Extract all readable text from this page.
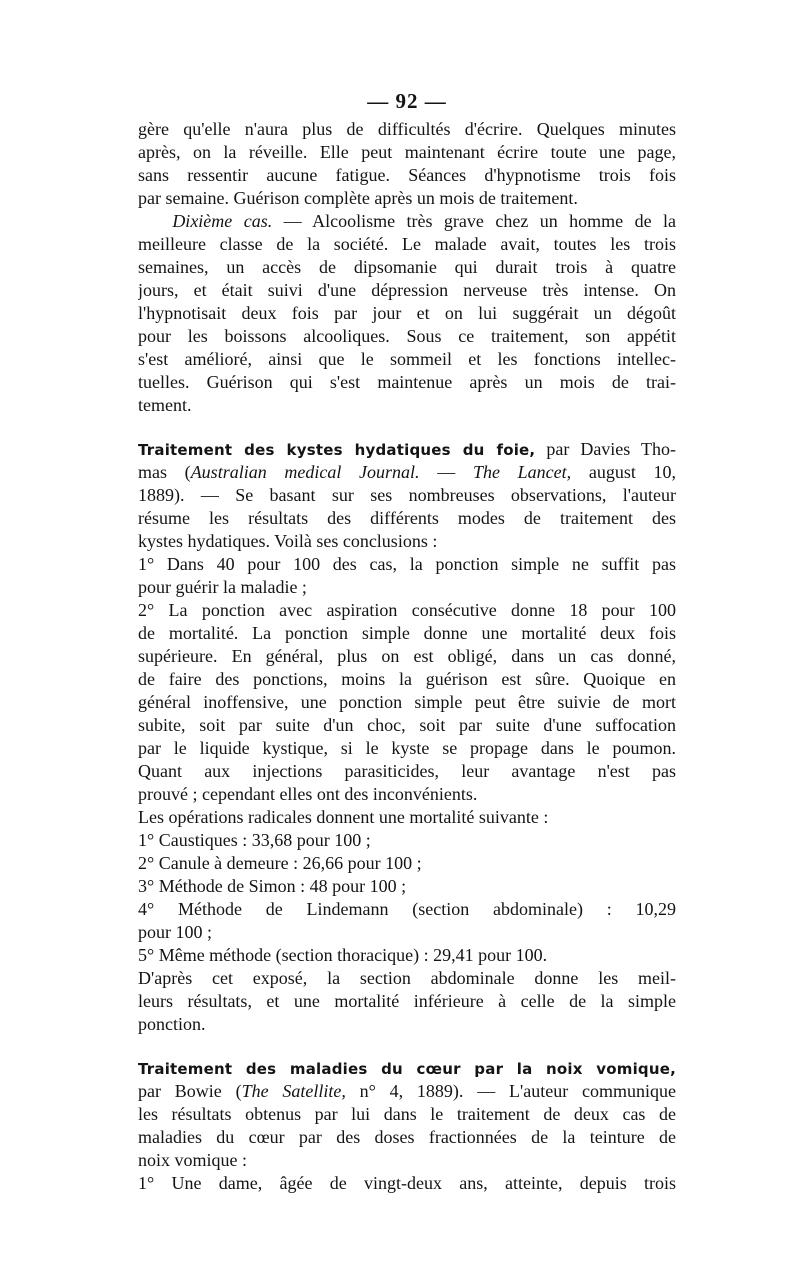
— 92 —
gère qu'elle n'aura plus de difficultés d'écrire. Quelques minutes
après, on la réveille. Elle peut maintenant écrire toute une page,
sans ressentir aucune fatigue. Séances d'hypnotisme trois fois
par semaine. Guérison complète après un mois de traitement.
Dixième cas. — Alcoolisme très grave chez un homme de la
meilleure classe de la société. Le malade avait, toutes les trois
semaines, un accès de dipsomanie qui durait trois à quatre
jours, et était suivi d'une dépression nerveuse très intense. On
l'hypnotisait deux fois par jour et on lui suggérait un dégoût
pour les boissons alcooliques. Sous ce traitement, son appétit
s'est amélioré, ainsi que le sommeil et les fonctions intellec-
tuelles. Guérison qui s'est maintenue après un mois de trai-
tement.
Traitement des kystes hydatiques du foie, par Davies Tho-
mas (Australian medical Journal. — The Lancet, august 10,
1889). — Se basant sur ses nombreuses observations, l'auteur
résume les résultats des différents modes de traitement des
kystes hydatiques. Voilà ses conclusions :
1° Dans 40 pour 100 des cas, la ponction simple ne suffit pas
pour guérir la maladie ;
2° La ponction avec aspiration consécutive donne 18 pour 100
de mortalité. La ponction simple donne une mortalité deux fois
supérieure. En général, plus on est obligé, dans un cas donné,
de faire des ponctions, moins la guérison est sûre. Quoique en
général inoffensive, une ponction simple peut être suivie de mort
subite, soit par suite d'un choc, soit par suite d'une suffocation
par le liquide kystique, si le kyste se propage dans le poumon.
Quant aux injections parasiticides, leur avantage n'est pas
prouvé ; cependant elles ont des inconvénients.
Les opérations radicales donnent une mortalité suivante :
1° Caustiques : 33,68 pour 100 ;
2° Canule à demeure : 26,66 pour 100 ;
3° Méthode de Simon : 48 pour 100 ;
4° Méthode de Lindemann (section abdominale) : 10,29
pour 100 ;
5° Même méthode (section thoracique) : 29,41 pour 100.
D'après cet exposé, la section abdominale donne les meil-
leurs résultats, et une mortalité inférieure à celle de la simple
ponction.
Traitement des maladies du cœur par la noix vomique,
par Bowie (The Satellite, n° 4, 1889). — L'auteur communique
les résultats obtenus par lui dans le traitement de deux cas de
maladies du cœur par des doses fractionnées de la teinture de
noix vomique :
1° Une dame, âgée de vingt-deux ans, atteinte, depuis trois
